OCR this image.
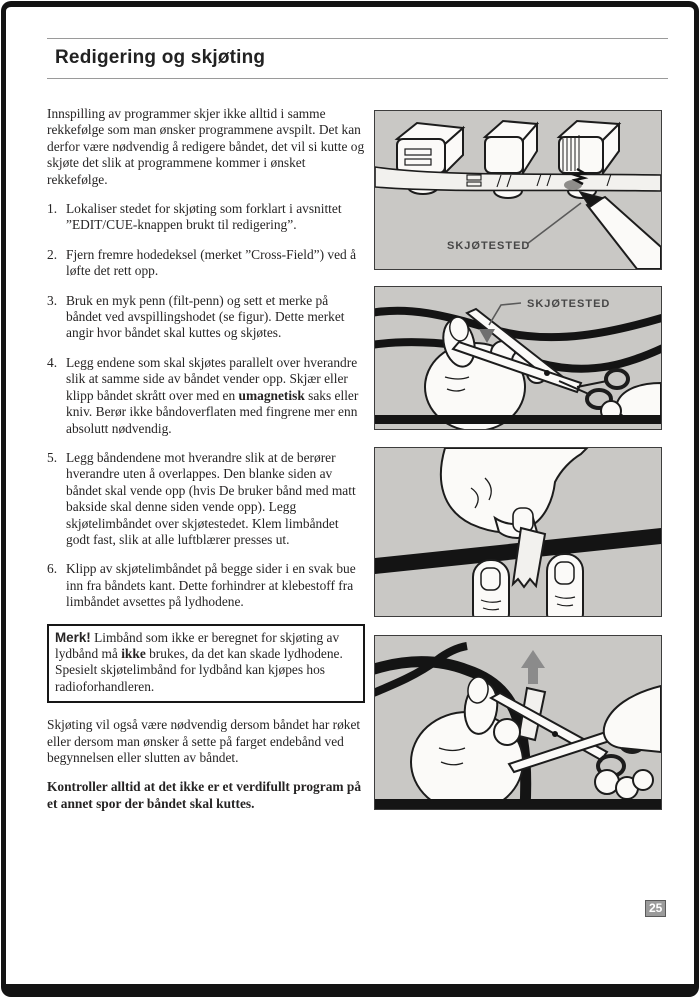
Redigering og skjøting

Innspilling av programmer skjer ikke alltid i samme rekkefølge som man ønsker programmene avspilt. Det kan derfor være nødvendig å redigere båndet, det vil si kutte og skjøte det slik at programmene kommer i ønsket rekkefølge.

1. Lokaliser stedet for skjøting som forklart i avsnittet ”EDIT/CUE-knappen brukt til redigering”.
2. Fjern fremre hodedeksel (merket ”Cross-Field”) ved å løfte det rett opp.
3. Bruk en myk penn (filt-penn) og sett et merke på båndet ved avspillingshodet (se figur). Dette merket angir hvor båndet skal kuttes og skjøtes.
4. Legg endene som skal skjøtes parallelt over hverandre slik at samme side av båndet vender opp. Skjær eller klipp båndet skrått over med en umagnetisk saks eller kniv. Berør ikke båndoverflaten med fingrene mer enn absolutt nødvendig.
5. Legg båndendene mot hverandre slik at de berører hverandre uten å overlappes. Den blanke siden av båndet skal vende opp (hvis De bruker bånd med matt bakside skal denne siden vende opp). Legg skjøtelimbåndet over skjøtestedet. Klem limbåndet godt fast, slik at alle luftblærer presses ut.
6. Klipp av skjøtelimbåndet på begge sider i en svak bue inn fra båndets kant. Dette forhindrer at klebestoff fra limbåndet avsettes på lydhodene.
Merk! Limbånd som ikke er beregnet for skjøting av lydbånd må ikke brukes, da det kan skade lydhodene. Spesielt skjøtelimbånd for lydbånd kan kjøpes hos radioforhandleren.

Skjøting vil også være nødvendig dersom båndet har røket eller dersom man ønsker å sette på farget endebånd ved begynnelsen eller slutten av båndet.

Kontroller alltid at det ikke er et verdifullt program på et annet spor der båndet skal kuttes.

SKJØTESTED
SKJØTESTED
25
